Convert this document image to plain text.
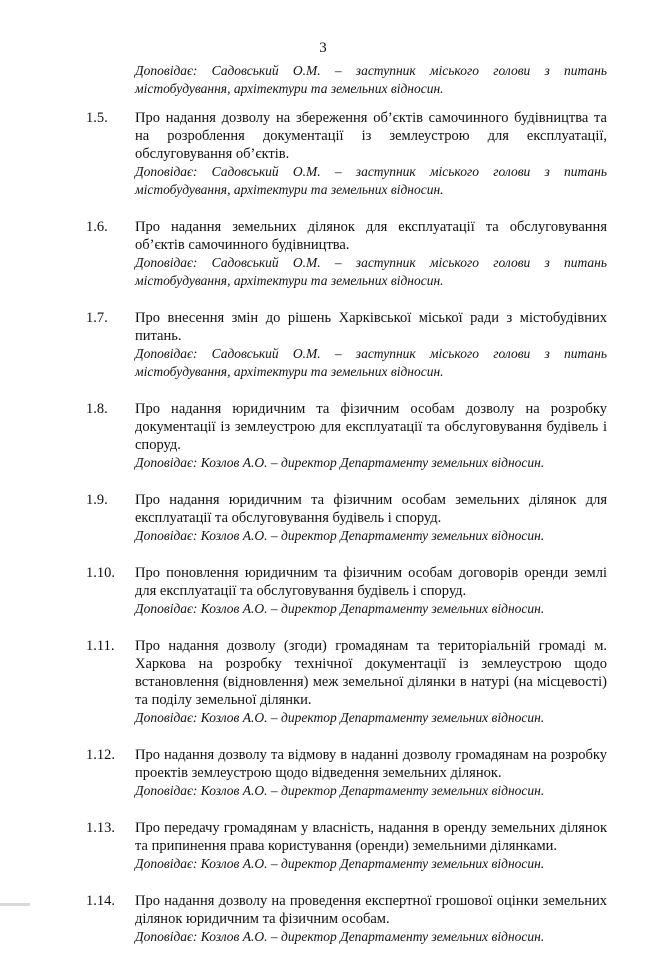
3
Доповідає: Садовський О.М. – заступник міського голови з питань містобудування, архітектури та земельних відносин.
1.5. Про надання дозволу на збереження об’єктів самочинного будівництва та на розроблення документації із землеустрою для експлуатації, обслуговування об’єктів.
Доповідає: Садовський О.М. – заступник міського голови з питань містобудування, архітектури та земельних відносин.
1.6. Про надання земельних ділянок для експлуатації та обслуговування об’єктів самочинного будівництва.
Доповідає: Садовський О.М. – заступник міського голови з питань містобудування, архітектури та земельних відносин.
1.7. Про внесення змін до рішень Харківської міської ради з містобудівних питань.
Доповідає: Садовський О.М. – заступник міського голови з питань містобудування, архітектури та земельних відносин.
1.8. Про надання юридичним та фізичним особам дозволу на розробку документації із землеустрою для експлуатації та обслуговування будівель і споруд.
Доповідає: Козлов А.О. – директор Департаменту земельних відносин.
1.9. Про надання юридичним та фізичним особам земельних ділянок для експлуатації та обслуговування будівель і споруд.
Доповідає: Козлов А.О. – директор Департаменту земельних відносин.
1.10. Про поновлення юридичним та фізичним особам договорів оренди землі для експлуатації та обслуговування будівель і споруд.
Доповідає: Козлов А.О. – директор Департаменту земельних відносин.
1.11. Про надання дозволу (згоди) громадянам та територіальній громаді м. Харкова на розробку технічної документації із землеустрою щодо встановлення (відновлення) меж земельної ділянки в натурі (на місцевості) та поділу земельної ділянки.
Доповідає: Козлов А.О. – директор Департаменту земельних відносин.
1.12. Про надання дозволу та відмову в наданні дозволу громадянам на розробку проектів землеустрою щодо відведення земельних ділянок.
Доповідає: Козлов А.О. – директор Департаменту земельних відносин.
1.13. Про передачу громадянам у власність, надання в оренду земельних ділянок та припинення права користування (оренди) земельними ділянками.
Доповідає: Козлов А.О. – директор Департаменту земельних відносин.
1.14. Про надання дозволу на проведення експертної грошової оцінки земельних ділянок юридичним та фізичним особам.
Доповідає: Козлов А.О. – директор Департаменту земельних відносин.
